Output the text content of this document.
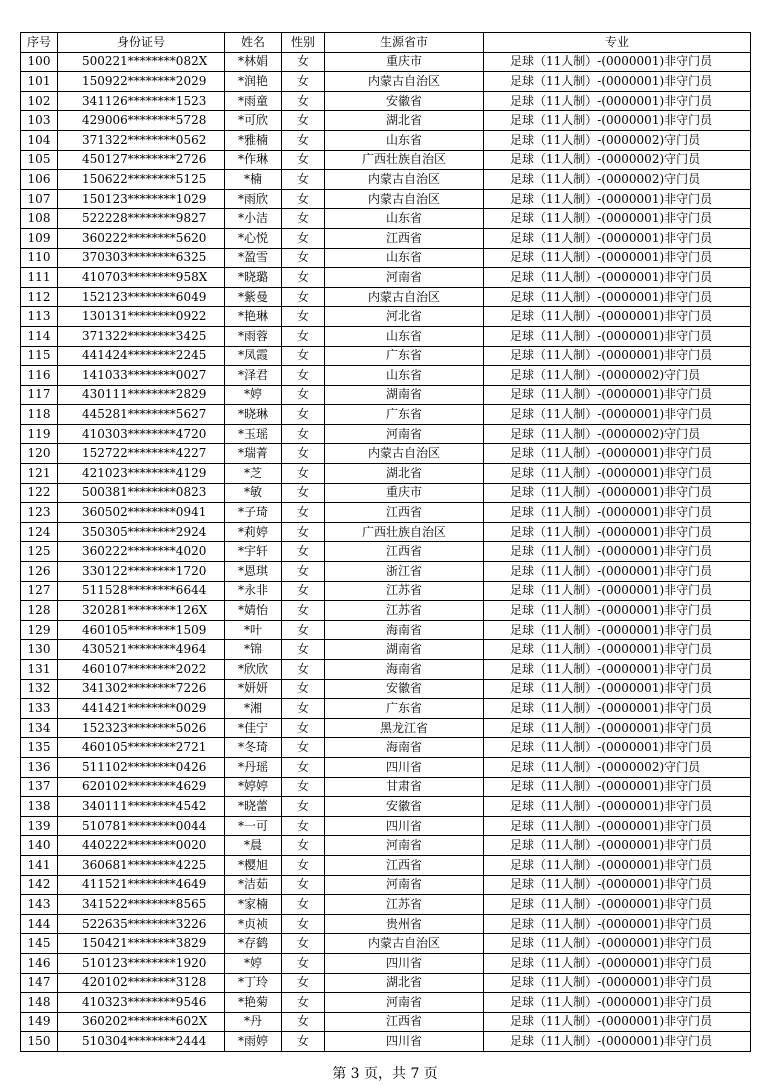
序号	身份证号	姓名	性别	生源省市	专业
100	500221********082X	*林娟	女	重庆市	足球（11人制）-(0000001)非守门员
101	150922********2029	*润艳	女	内蒙古自治区	足球（11人制）-(0000001)非守门员
102	341126********1523	*雨童	女	安徽省	足球（11人制）-(0000001)非守门员
103	429006********5728	*可欣	女	湖北省	足球（11人制）-(0000001)非守门员
104	371322********0562	*雅楠	女	山东省	足球（11人制）-(0000002)守门员
105	450127********2726	*作琳	女	广西壮族自治区	足球（11人制）-(0000002)守门员
106	150622********5125	*楠	女	内蒙古自治区	足球（11人制）-(0000002)守门员
107	150123********1029	*雨欣	女	内蒙古自治区	足球（11人制）-(0000001)非守门员
108	522228********9827	*小洁	女	山东省	足球（11人制）-(0000001)非守门员
109	360222********5620	*心悦	女	江西省	足球（11人制）-(0000001)非守门员
110	370303********6325	*盈雪	女	山东省	足球（11人制）-(0000001)非守门员
111	410703********958X	*晓璐	女	河南省	足球（11人制）-(0000001)非守门员
112	152123********6049	*紫曼	女	内蒙古自治区	足球（11人制）-(0000001)非守门员
113	130131********0922	*艳琳	女	河北省	足球（11人制）-(0000001)非守门员
114	371322********3425	*雨蓉	女	山东省	足球（11人制）-(0000001)非守门员
115	441424********2245	*凤霞	女	广东省	足球（11人制）-(0000001)非守门员
116	141033********0027	*泽君	女	山东省	足球（11人制）-(0000002)守门员
117	430111********2829	*婷	女	湖南省	足球（11人制）-(0000001)非守门员
118	445281********5627	*晓琳	女	广东省	足球（11人制）-(0000001)非守门员
119	410303********4720	*玉瑶	女	河南省	足球（11人制）-(0000002)守门员
120	152722********4227	*瑞菁	女	内蒙古自治区	足球（11人制）-(0000001)非守门员
121	421023********4129	*芝	女	湖北省	足球（11人制）-(0000001)非守门员
122	500381********0823	*敏	女	重庆市	足球（11人制）-(0000001)非守门员
123	360502********0941	*子琦	女	江西省	足球（11人制）-(0000001)非守门员
124	350305********2924	*莉婷	女	广西壮族自治区	足球（11人制）-(0000001)非守门员
125	360222********4020	*宇轩	女	江西省	足球（11人制）-(0000001)非守门员
126	330122********1720	*恩琪	女	浙江省	足球（11人制）-(0000001)非守门员
127	511528********6644	*永非	女	江苏省	足球（11人制）-(0000001)非守门员
128	320281********126X	*婧怡	女	江苏省	足球（11人制）-(0000001)非守门员
129	460105********1509	*叶	女	海南省	足球（11人制）-(0000001)非守门员
130	430521********4964	*锦	女	湖南省	足球（11人制）-(0000001)非守门员
131	460107********2022	*欣欣	女	海南省	足球（11人制）-(0000001)非守门员
132	341302********7226	*妍妍	女	安徽省	足球（11人制）-(0000001)非守门员
133	441421********0029	*湘	女	广东省	足球（11人制）-(0000001)非守门员
134	152323********5026	*佳宁	女	黑龙江省	足球（11人制）-(0000001)非守门员
135	460105********2721	*冬琦	女	海南省	足球（11人制）-(0000001)非守门员
136	511102********0426	*丹瑶	女	四川省	足球（11人制）-(0000002)守门员
137	620102********4629	*婷婷	女	甘肃省	足球（11人制）-(0000001)非守门员
138	340111********4542	*晓蕾	女	安徽省	足球（11人制）-(0000001)非守门员
139	510781********0044	*一可	女	四川省	足球（11人制）-(0000001)非守门员
140	440222********0020	*晨	女	河南省	足球（11人制）-(0000001)非守门员
141	360681********4225	*樱旭	女	江西省	足球（11人制）-(0000001)非守门员
142	411521********4649	*洁茹	女	河南省	足球（11人制）-(0000001)非守门员
143	341522********8565	*家楠	女	江苏省	足球（11人制）-(0000001)非守门员
144	522635********3226	*贞祯	女	贵州省	足球（11人制）-(0000001)非守门员
145	150421********3829	*存鹤	女	内蒙古自治区	足球（11人制）-(0000001)非守门员
146	510123********1920	*婷	女	四川省	足球（11人制）-(0000001)非守门员
147	420102********3128	*丁玲	女	湖北省	足球（11人制）-(0000001)非守门员
148	410323********9546	*艳菊	女	河南省	足球（11人制）-(0000001)非守门员
149	360202********602X	*丹	女	江西省	足球（11人制）-(0000001)非守门员
150	510304********2444	*雨婷	女	四川省	足球（11人制）-(0000001)非守门员
第 3 页，共 7 页
